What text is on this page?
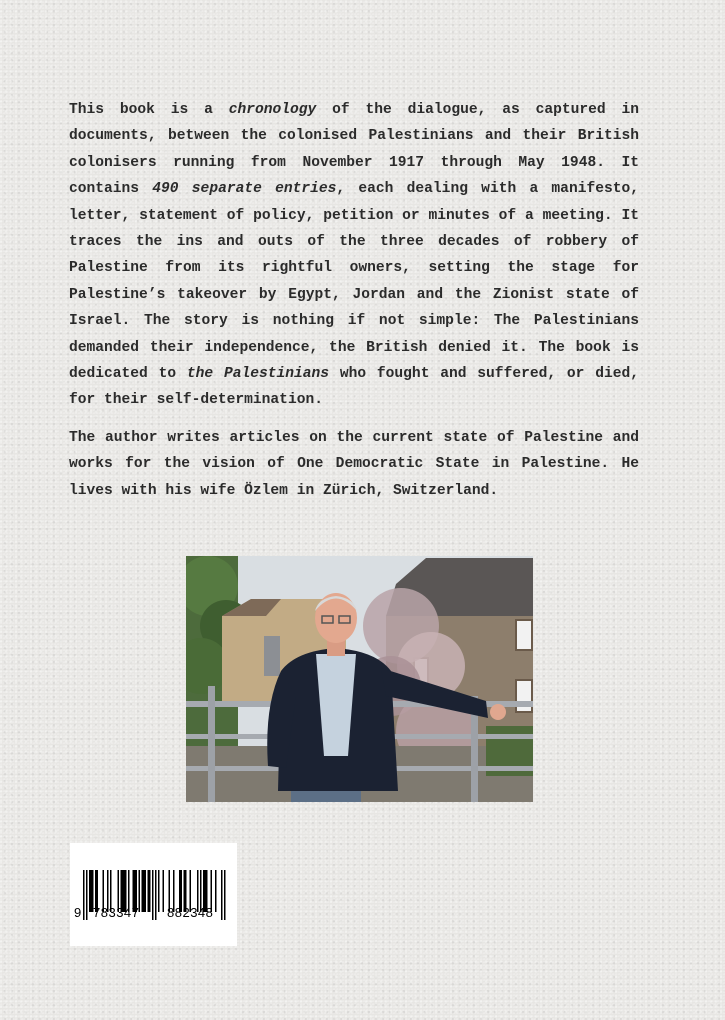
This book is a chronology of the dialogue, as captured in documents, between the colonised Palestinians and their British colonisers running from November 1917 through May 1948. It contains 490 separate entries, each dealing with a manifesto, letter, statement of policy, petition or minutes of a meeting. It traces the ins and outs of the three decades of robbery of Palestine from its rightful owners, setting the stage for Palestine’s takeover by Egypt, Jordan and the Zionist state of Israel. The story is nothing if not simple: The Palestinians demanded their independence, the British denied it. The book is dedicated to the Palestinians who fought and suffered, or died, for their self-determination.

The author writes articles on the current state of Palestine and works for the vision of One Democratic State in Palestine. He lives with his wife Özlem in Zürich, Switzerland.

9 783347 882348
